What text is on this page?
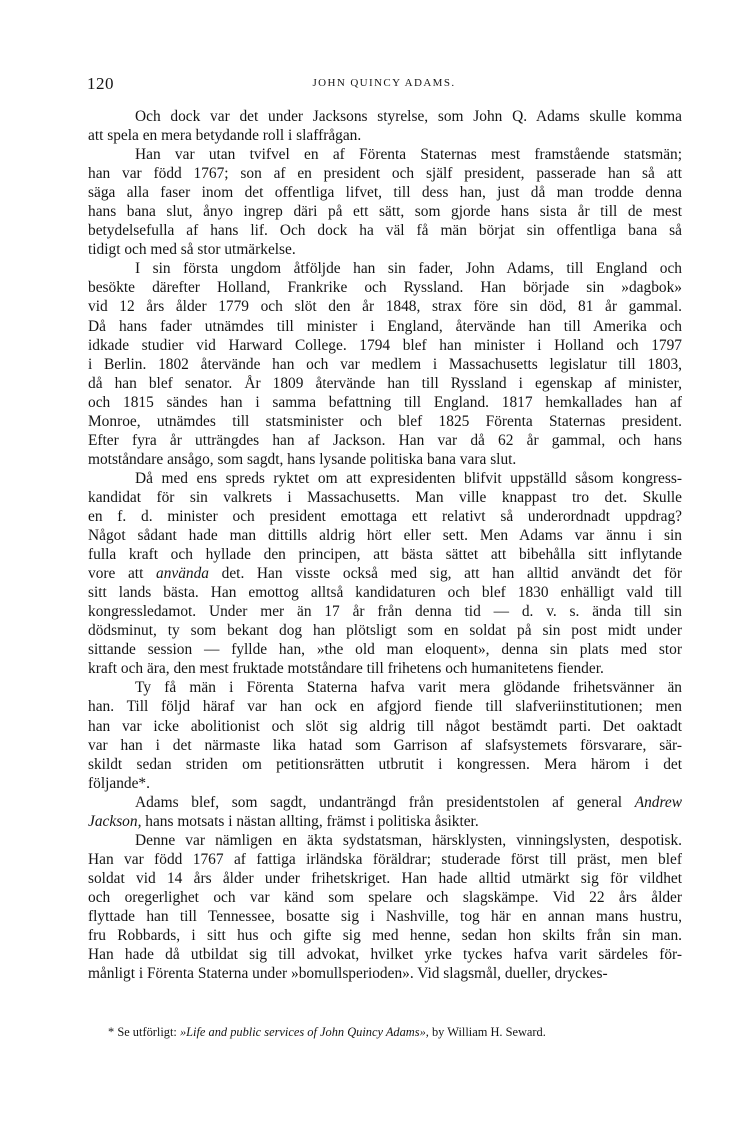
120	JOHN QUINCY ADAMS.
Och dock var det under Jacksons styrelse, som John Q. Adams skulle komma
att spela en mera betydande roll i slaffrågan.
Han var utan tvifvel en af Förenta Staternas mest framstående statsmän;
han var född 1767; son af en president och själf president, passerade han så att
säga alla faser inom det offentliga lifvet, till dess han, just då man trodde denna
hans bana slut, ånyo ingrep däri på ett sätt, som gjorde hans sista år till de mest
betydelsefulla af hans lif. Och dock ha väl få män börjat sin offentliga bana så
tidigt och med så stor utmärkelse.
I sin första ungdom åtföljde han sin fader, John Adams, till England och
besökte därefter Holland, Frankrike och Ryssland. Han började sin »dagbok»
vid 12 års ålder 1779 och slöt den år 1848, strax före sin död, 81 år gammal.
Då hans fader utnämdes till minister i England, återvände han till Amerika och
idkade studier vid Harward College. 1794 blef han minister i Holland och 1797
i Berlin. 1802 återvände han och var medlem i Massachusetts legislatur till 1803,
då han blef senator. År 1809 återvände han till Ryssland i egenskap af minister,
och 1815 sändes han i samma befattning till England. 1817 hemkallades han af
Monroe, utnämdes till statsminister och blef 1825 Förenta Staternas president.
Efter fyra år utträngdes han af Jackson. Han var då 62 år gammal, och hans
motståndare ansågo, som sagdt, hans lysande politiska bana vara slut.
Då med ens spreds ryktet om att expresidenten blifvit uppställd såsom kongress-
kandidat för sin valkrets i Massachusetts. Man ville knappast tro det. Skulle
en f. d. minister och president emottaga ett relativt så underordnadt uppdrag?
Något sådant hade man dittills aldrig hört eller sett. Men Adams var ännu i sin
fulla kraft och hyllade den principen, att bästa sättet att bibehålla sitt inflytande
vore att använda det. Han visste också med sig, att han alltid användt det för
sitt lands bästa. Han emottog alltså kandidaturen och blef 1830 enhälligt vald till
kongressledamot. Under mer än 17 år från denna tid — d. v. s. ända till sin
dödsminut, ty som bekant dog han plötsligt som en soldat på sin post midt under
sittande session — fyllde han, »the old man eloquent», denna sin plats med stor
kraft och ära, den mest fruktade motståndare till frihetens och humanitetens fiender.
Ty få män i Förenta Staterna hafva varit mera glödande frihetsvänner än
han. Till följd häraf var han ock en afgjord fiende till slafveriinstitutionen; men
han var icke abolitionist och slöt sig aldrig till något bestämdt parti. Det oaktadt
var han i det närmaste lika hatad som Garrison af slafsystemets försvarare, sär-
skildt sedan striden om petitionsrätten utbrutit i kongressen. Mera härom i det
följande*.
Adams blef, som sagdt, undanträngd från presidentstolen af general Andrew
Jackson, hans motsats i nästan allting, främst i politiska åsikter.
Denne var nämligen en äkta sydstatsman, härsklysten, vinningslysten, despotisk.
Han var född 1767 af fattiga irländska föräldrar; studerade först till präst, men blef
soldat vid 14 års ålder under frihetskriget. Han hade alltid utmärkt sig för vildhet
och oregerlighet och var känd som spelare och slagskämpe. Vid 22 års ålder
flyttade han till Tennessee, bosatte sig i Nashville, tog här en annan mans hustru,
fru Robbards, i sitt hus och gifte sig med henne, sedan hon skilts från sin man.
Han hade då utbildat sig till advokat, hvilket yrke tyckes hafva varit särdeles för-
månligt i Förenta Staterna under »bomullsperioden». Vid slagsmål, dueller, dryckes-
* Se utförligt: »Life and public services of John Quincy Adams», by William H. Seward.
